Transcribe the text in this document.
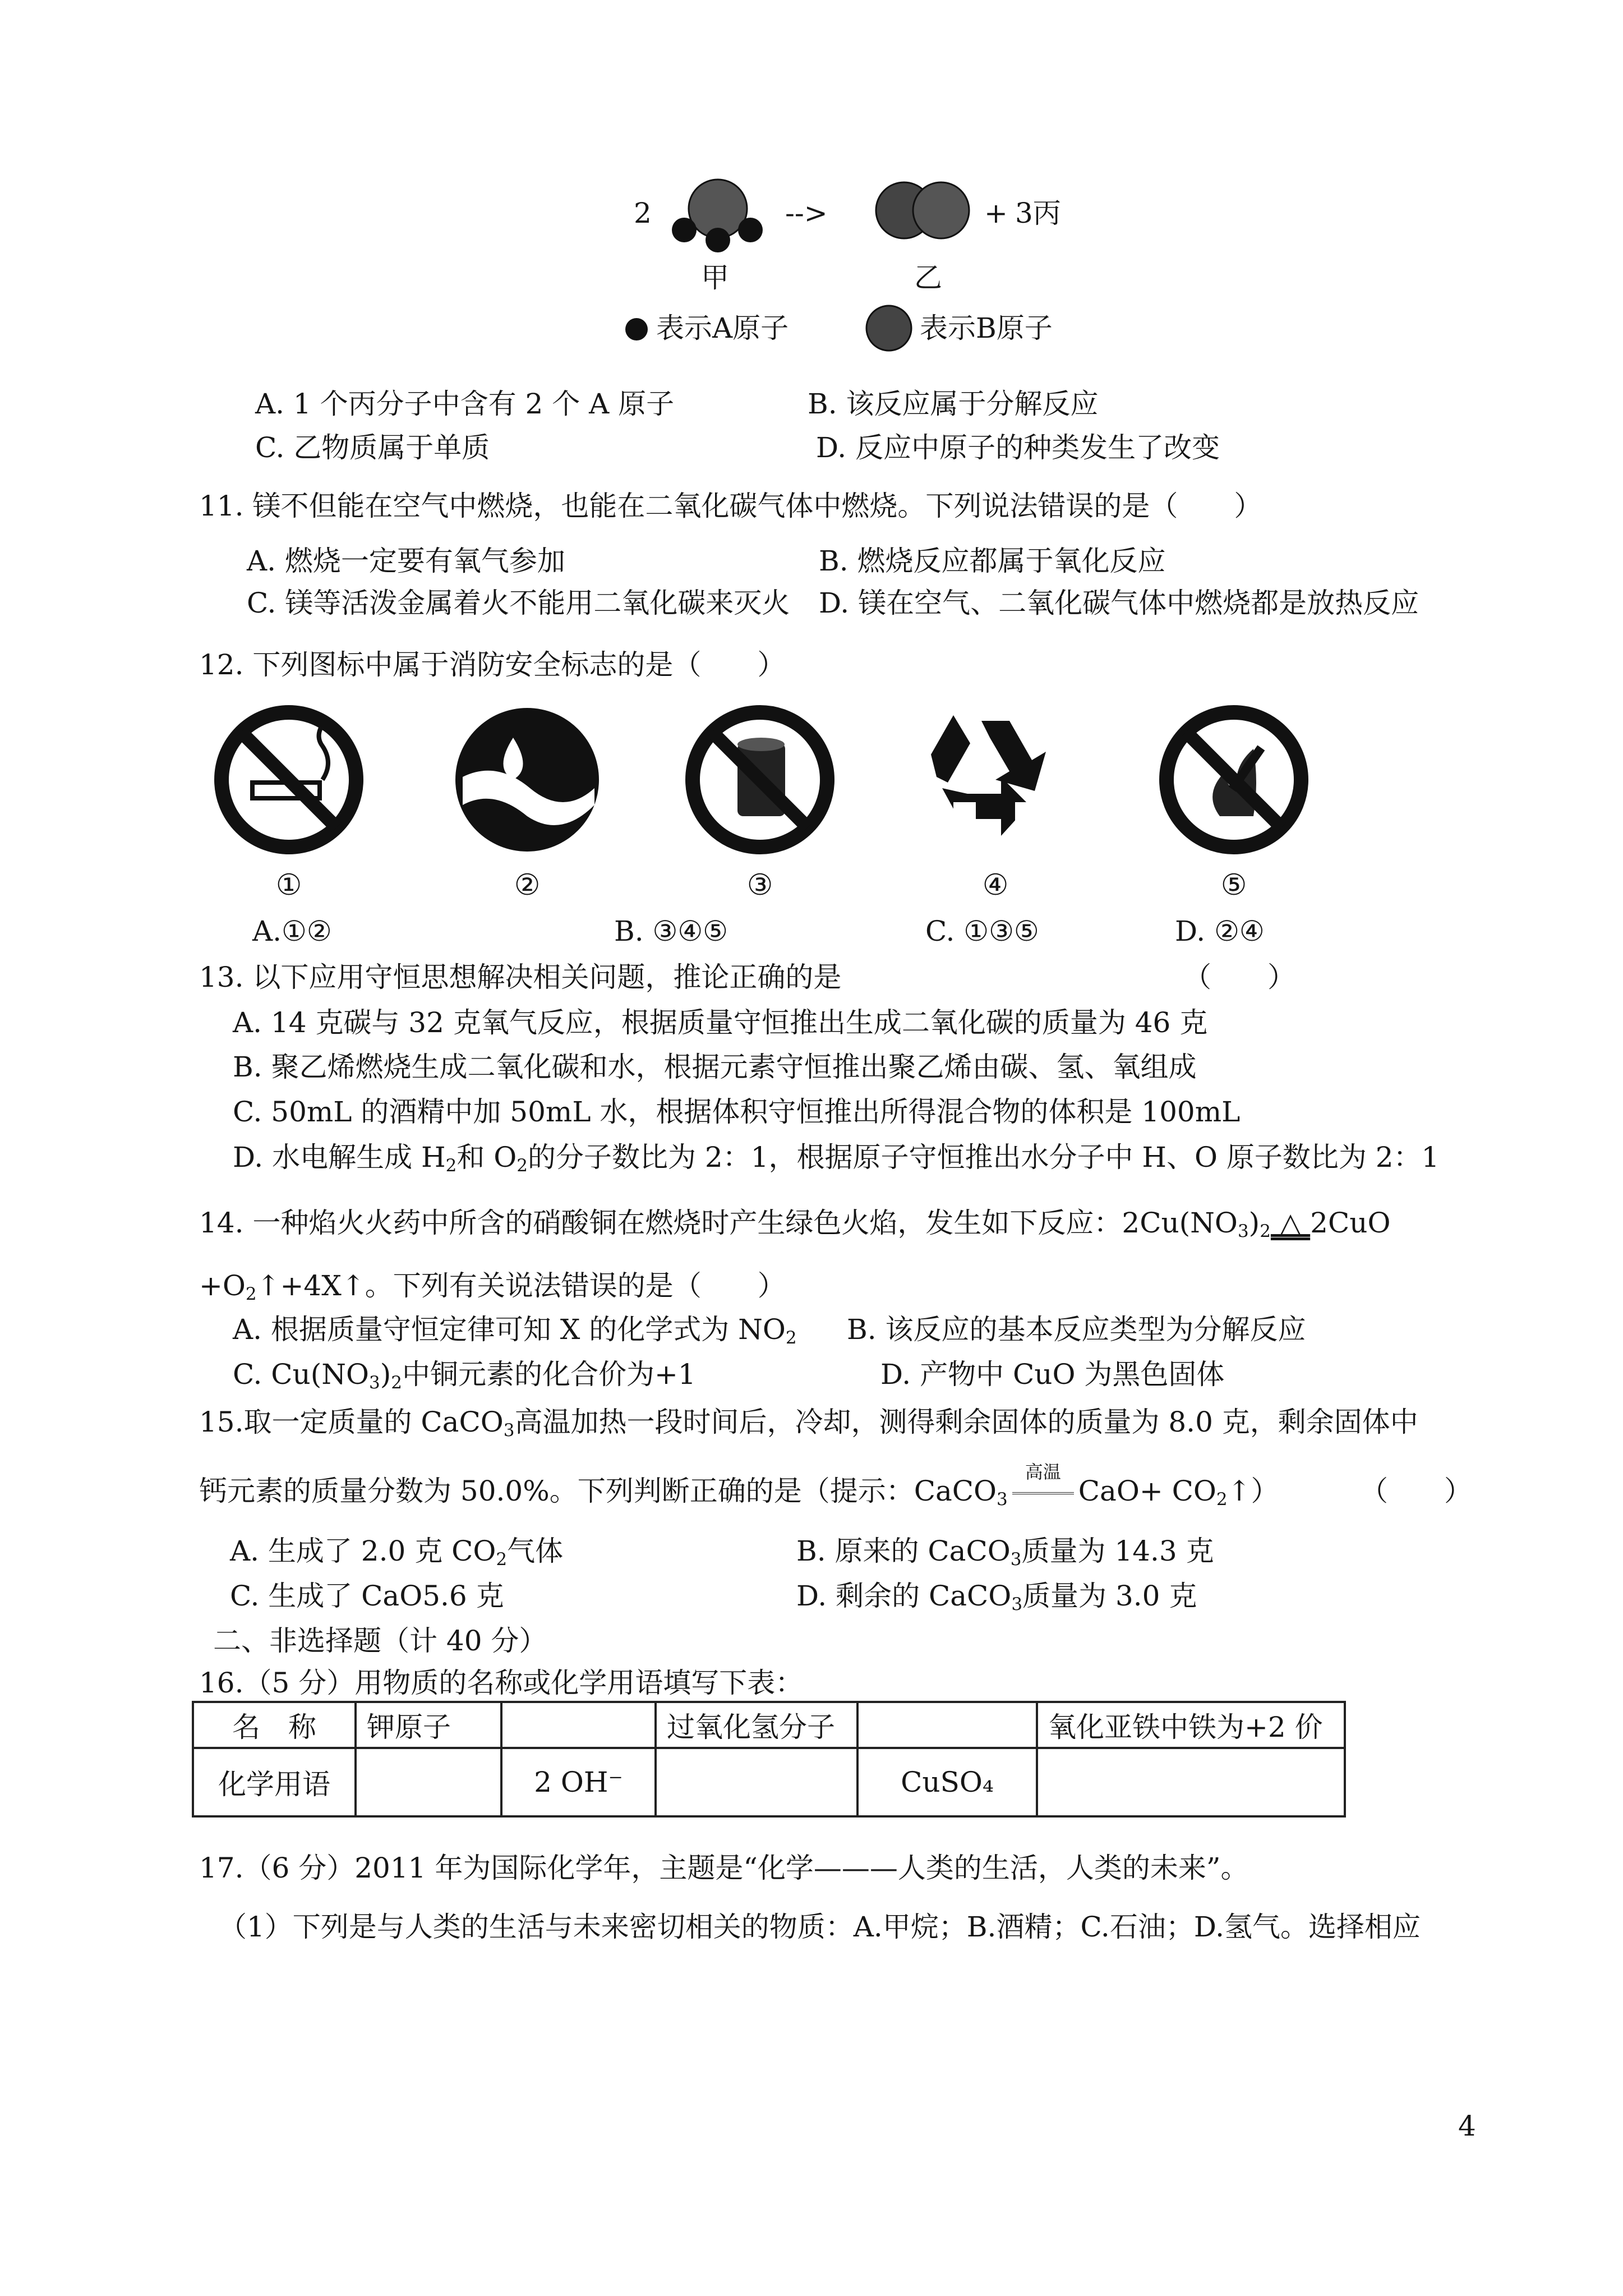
2	-->	+ 3丙
甲	乙
表示A原子	表示B原子
A. 1 个丙分子中含有 2 个 A 原子	B. 该反应属于分解反应
C. 乙物质属于单质	D. 反应中原子的种类发生了改变
11. 镁不但能在空气中燃烧，也能在二氧化碳气体中燃烧。下列说法错误的是（　　）
A. 燃烧一定要有氧气参加	B. 燃烧反应都属于氧化反应
C. 镁等活泼金属着火不能用二氧化碳来灭火 D. 镁在空气、二氧化碳气体中燃烧都是放热反应
12. 下列图标中属于消防安全标志的是（　　）
①	②	③	④	⑤
A.①②	B. ③④⑤	C. ①③⑤	D. ②④
13. 以下应用守恒思想解决相关问题，推论正确的是	（　　）
A. 14 克碳与 32 克氧气反应，根据质量守恒推出生成二氧化碳的质量为 46 克
B. 聚乙烯燃烧生成二氧化碳和水，根据元素守恒推出聚乙烯由碳、氢、氧组成
C. 50mL 的酒精中加 50mL 水，根据体积守恒推出所得混合物的体积是 100mL
D. 水电解生成 $H_2$和 $O_2$的分子数比为 2：1，根据原子守恒推出水分子中 H、O 原子数比为 2：1
14. 一种焰火火药中所含的硝酸铜在燃烧时产生绿色火焰，发生如下反应：$2Cu(NO_3)_2$ △ 2CuO
$+O_2↑+4X↑$。下列有关说法错误的是（　　）
A. 根据质量守恒定律可知 X 的化学式为 $NO_2$ B. 该反应的基本反应类型为分解反应
C. $Cu(NO_3)_2$中铜元素的化合价为+1	D. 产物中 CuO 为黑色固体
15.取一定质量的 CaCO$_3$高温加热一段时间后，冷却，测得剩余固体的质量为 8.0 克，剩余固体中
钙元素的质量分数为 50.0%。下列判断正确的是（提示：CaCO$_3$
高温
$CaO+ CO_2↑$）	（　　）
A. 生成了 2.0 克 $CO_2$气体	B. 原来的 CaCO$_3$质量为 14.3 克
C. 生成了 CaO5.6 克	D. 剩余的 CaCO$_3$质量为 3.0 克
二、非选择题（计 40 分）
16.（5 分）用物质的名称或化学用语填写下表：
名　称	钾原子		过氧化氢分子		氧化亚铁中铁为+2 价
化学用语		2 OH⁻		CuSO₄	
17.（6 分）2011 年为国际化学年，主题是“化学———人类的生活，人类的未来”。
（1）下列是与人类的生活与未来密切相关的物质：A.甲烷；B.酒精；C.石油；D.氢气。选择相应
4
